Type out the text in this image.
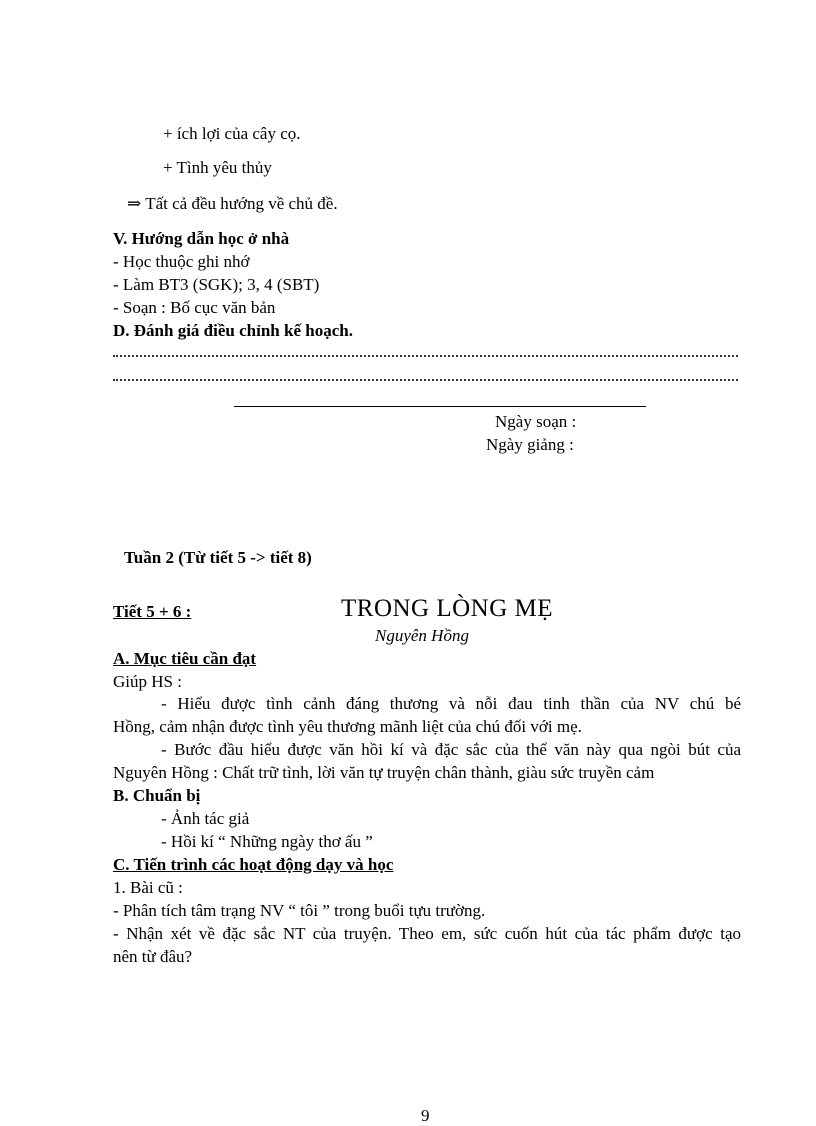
+ ích lợi của cây cọ.
+ Tình yêu thủy
⇒ Tất cả đều hướng về chủ đề.
V. Hướng dẫn học ở nhà
- Học thuộc ghi nhớ
- Làm BT3 (SGK); 3, 4 (SBT)
- Soạn : Bố cục văn bản
D. Đánh giá điều chỉnh kế hoạch.
Ngày soạn :
Ngày giảng :
Tuần 2 (Từ tiết 5 -> tiết 8)
Tiết 5 + 6 :	TRONG LÒNG MẸ
Nguyên Hồng
A. Mục tiêu cần đạt
Giúp HS :
- Hiểu được tình cảnh đáng thương và nỗi đau tinh thần của NV chú bé
Hồng, cảm nhận được tình yêu thương mãnh liệt của chú đối với mẹ.
- Bước đầu hiểu được văn hồi kí và đặc sắc của thể văn này qua ngòi bút của
Nguyên Hồng : Chất trữ tình, lời văn tự truyện chân thành, giàu sức truyền cảm
B. Chuẩn bị
- Ảnh tác giả
- Hồi kí “ Những ngày thơ ấu ”
C. Tiến trình các hoạt động dạy và học
1. Bài cũ :
- Phân tích tâm trạng NV “ tôi ” trong buổi tựu trường.
- Nhận xét về đặc sắc NT của truyện. Theo em, sức cuốn hút của tác phẩm được tạo
nên từ đâu?
9
